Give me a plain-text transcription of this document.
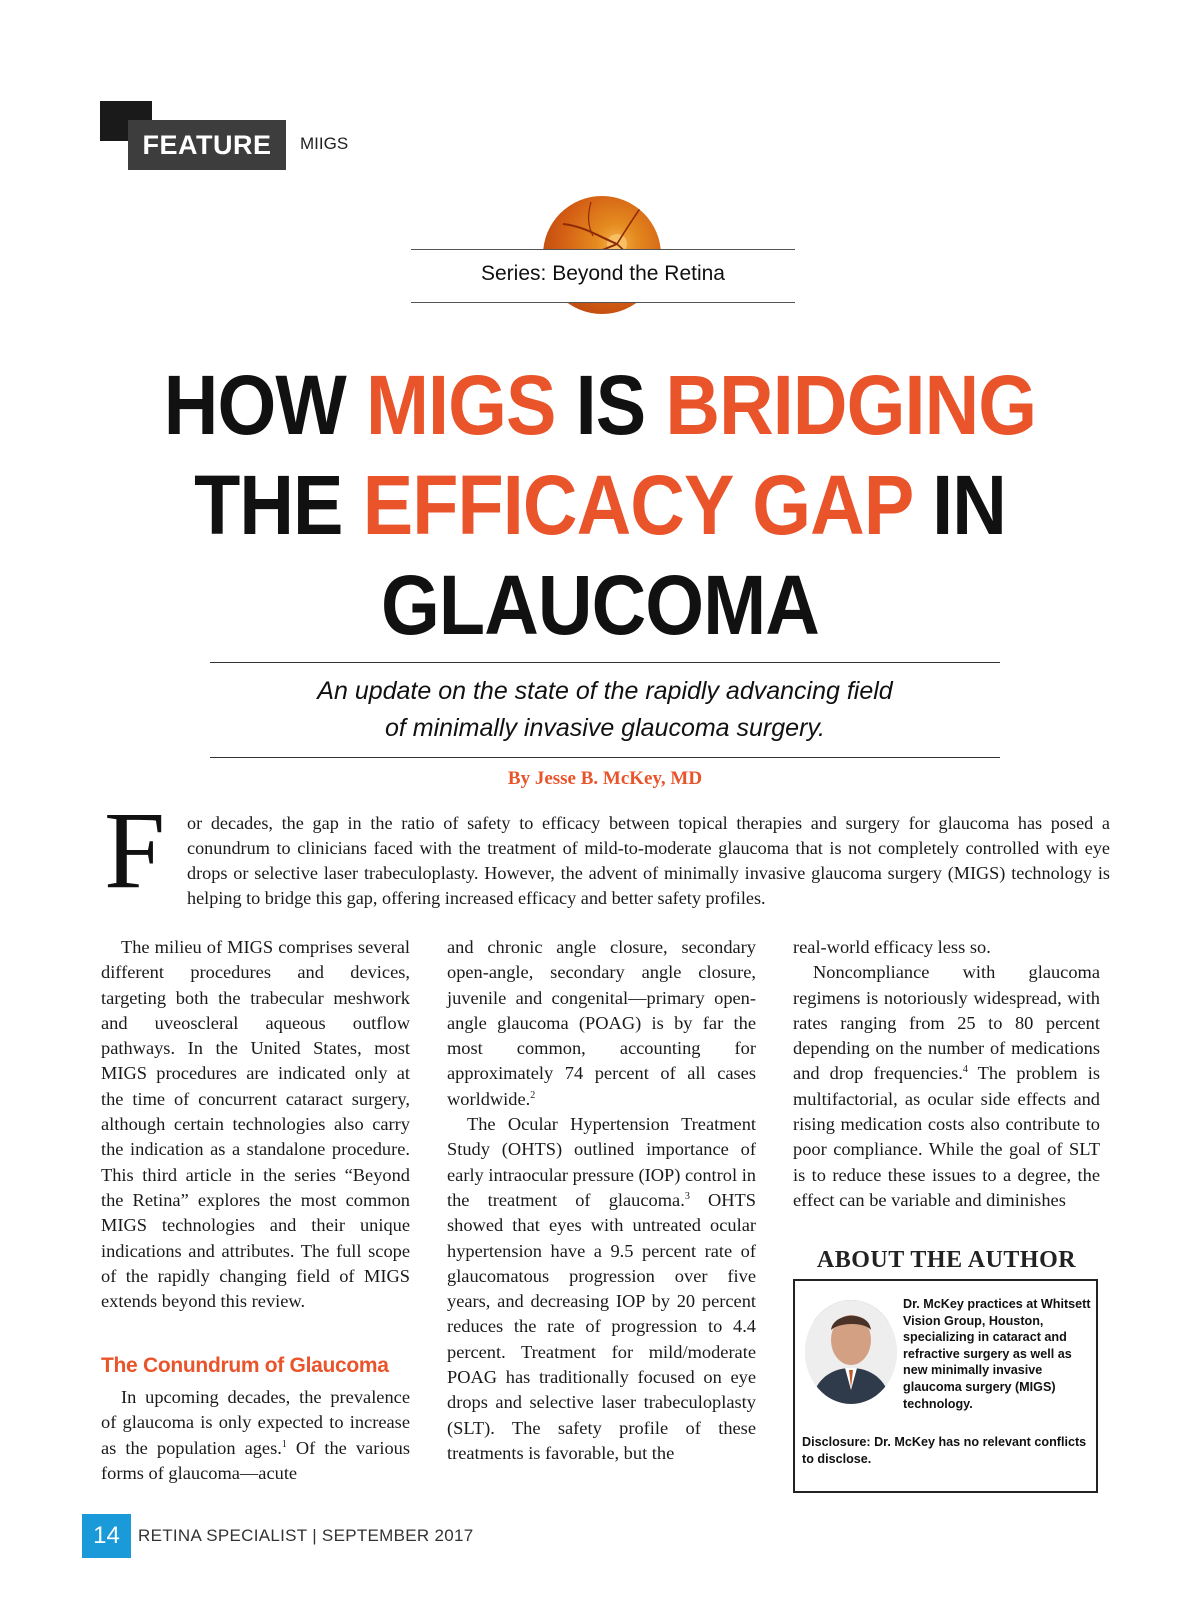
FEATURE	MIIGS
Series: Beyond the Retina
HOW MIGS IS BRIDGING
THE EFFICACY GAP IN
GLAUCOMA
An update on the state of the rapidly advancing field
of minimally invasive glaucoma surgery.
By Jesse B. McKey, MD
F or decades, the gap in the ratio of safety to efficacy between topical therapies and surgery for glaucoma has posed a conundrum to clinicians faced with the treatment of mild-to-moderate glaucoma that is not completely controlled with eye drops or selective laser trabeculoplasty. However, the advent of minimally invasive glaucoma surgery (MIGS) technology is helping to bridge this gap, offering increased efficacy and better safety profiles.

The milieu of MIGS comprises several different procedures and devices, targeting both the trabecular meshwork and uveoscleral aqueous outflow pathways. In the United States, most MIGS procedures are indicated only at the time of concurrent cataract surgery, although certain technologies also carry the indication as a standalone procedure. This third article in the series “Beyond the Retina” explores the most common MIGS technologies and their unique indications and attributes. The full scope of the rapidly changing field of MIGS extends beyond this review.

The Conundrum of Glaucoma

In upcoming decades, the prevalence of glaucoma is only expected to increase as the population ages.$^1$ Of the various forms of glaucoma—acute

and chronic angle closure, secondary open-angle, secondary angle closure, juvenile and congenital—primary open-angle glaucoma (POAG) is by far the most common, accounting for approximately 74 percent of all cases worldwide.$^2$

The Ocular Hypertension Treatment Study (OHTS) outlined importance of early intraocular pressure (IOP) control in the treatment of glaucoma.$^3$ OHTS showed that eyes with untreated ocular hypertension have a 9.5 percent rate of glaucomatous progression over five years, and decreasing IOP by 20 percent reduces the rate of progression to 4.4 percent. Treatment for mild/moderate POAG has traditionally focused on eye drops and selective laser trabeculoplasty (SLT). The safety profile of these treatments is favorable, but the

real-world efficacy less so.

Noncompliance with glaucoma regimens is notoriously widespread, with rates ranging from 25 to 80 percent depending on the number of medications and drop frequencies.$^4$ The problem is multifactorial, as ocular side effects and rising medication costs also contribute to poor compliance. While the goal of SLT is to reduce these issues to a degree, the effect can be variable and diminishes

ABOUT THE AUTHOR
Dr. McKey practices at Whitsett Vision Group, Houston, specializing in cataract and refractive surgery as well as new minimally invasive glaucoma surgery (MIGS) technology.
Disclosure: Dr. McKey has no relevant conflicts to disclose.
14	RETINA SPECIALIST | SEPTEMBER 2017
